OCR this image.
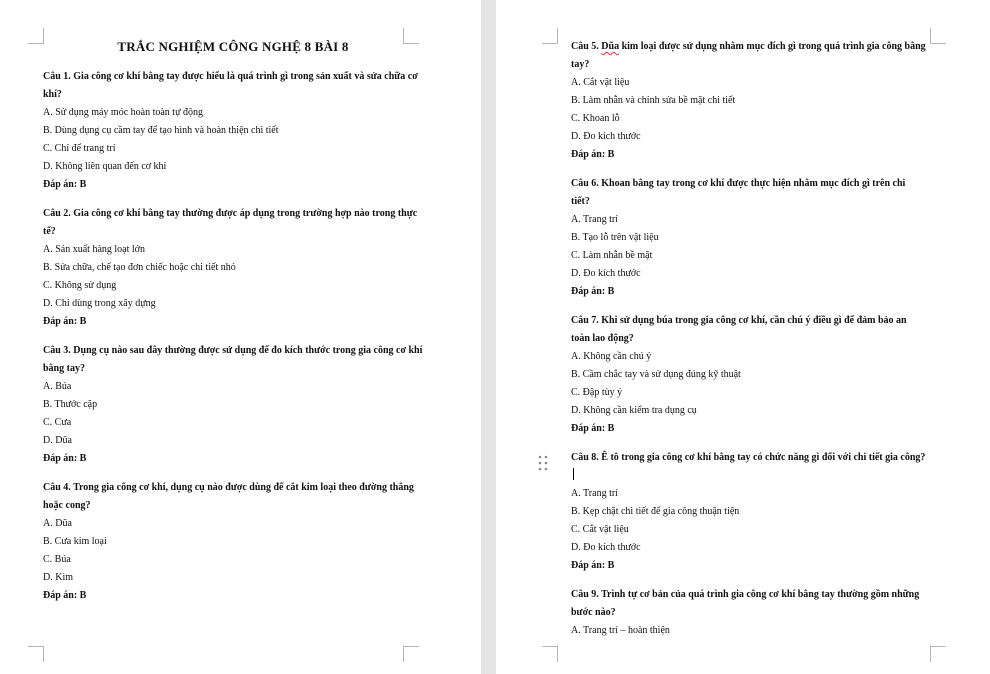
TRẮC NGHIỆM CÔNG NGHỆ 8 BÀI 8

Câu 1. Gia công cơ khí bằng tay được hiểu là quá trình gì trong sản xuất và sửa chữa cơ khí?

A. Sử dụng máy móc hoàn toàn tự động

B. Dùng dụng cụ cầm tay để tạo hình và hoàn thiện chi tiết

C. Chỉ để trang trí

D. Không liên quan đến cơ khí

Đáp án: B

Câu 2. Gia công cơ khí bằng tay thường được áp dụng trong trường hợp nào trong thực tế?

A. Sản xuất hàng loạt lớn

B. Sửa chữa, chế tạo đơn chiếc hoặc chi tiết nhỏ

C. Không sử dụng

D. Chỉ dùng trong xây dựng

Đáp án: B

Câu 3. Dụng cụ nào sau đây thường được sử dụng để đo kích thước trong gia công cơ khí bằng tay?

A. Búa

B. Thước cặp

C. Cưa

D. Dũa

Đáp án: B

Câu 4. Trong gia công cơ khí, dụng cụ nào được dùng để cắt kim loại theo đường thẳng hoặc cong?

A. Dũa

B. Cưa kim loại

C. Búa

D. Kìm

Đáp án: B

Câu 5. Dũa kim loại được sử dụng nhằm mục đích gì trong quá trình gia công bằng tay?

A. Cắt vật liệu

B. Làm nhẵn và chỉnh sửa bề mặt chi tiết

C. Khoan lỗ

D. Đo kích thước

Đáp án: B

Câu 6. Khoan bằng tay trong cơ khí được thực hiện nhằm mục đích gì trên chi tiết?

A. Trang trí

B. Tạo lỗ trên vật liệu

C. Làm nhẵn bề mặt

D. Đo kích thước

Đáp án: B

Câu 7. Khi sử dụng búa trong gia công cơ khí, cần chú ý điều gì để đảm bảo an toàn lao động?

A. Không cần chú ý

B. Cầm chắc tay và sử dụng đúng kỹ thuật

C. Đập tùy ý

D. Không cần kiểm tra dụng cụ

Đáp án: B

Câu 8. Ê tô trong gia công cơ khí bằng tay có chức năng gì đối với chi tiết gia công?

A. Trang trí

B. Kẹp chặt chi tiết để gia công thuận tiện

C. Cắt vật liệu

D. Đo kích thước

Đáp án: B

Câu 9. Trình tự cơ bản của quá trình gia công cơ khí bằng tay thường gồm những bước nào?

A. Trang trí – hoàn thiện
